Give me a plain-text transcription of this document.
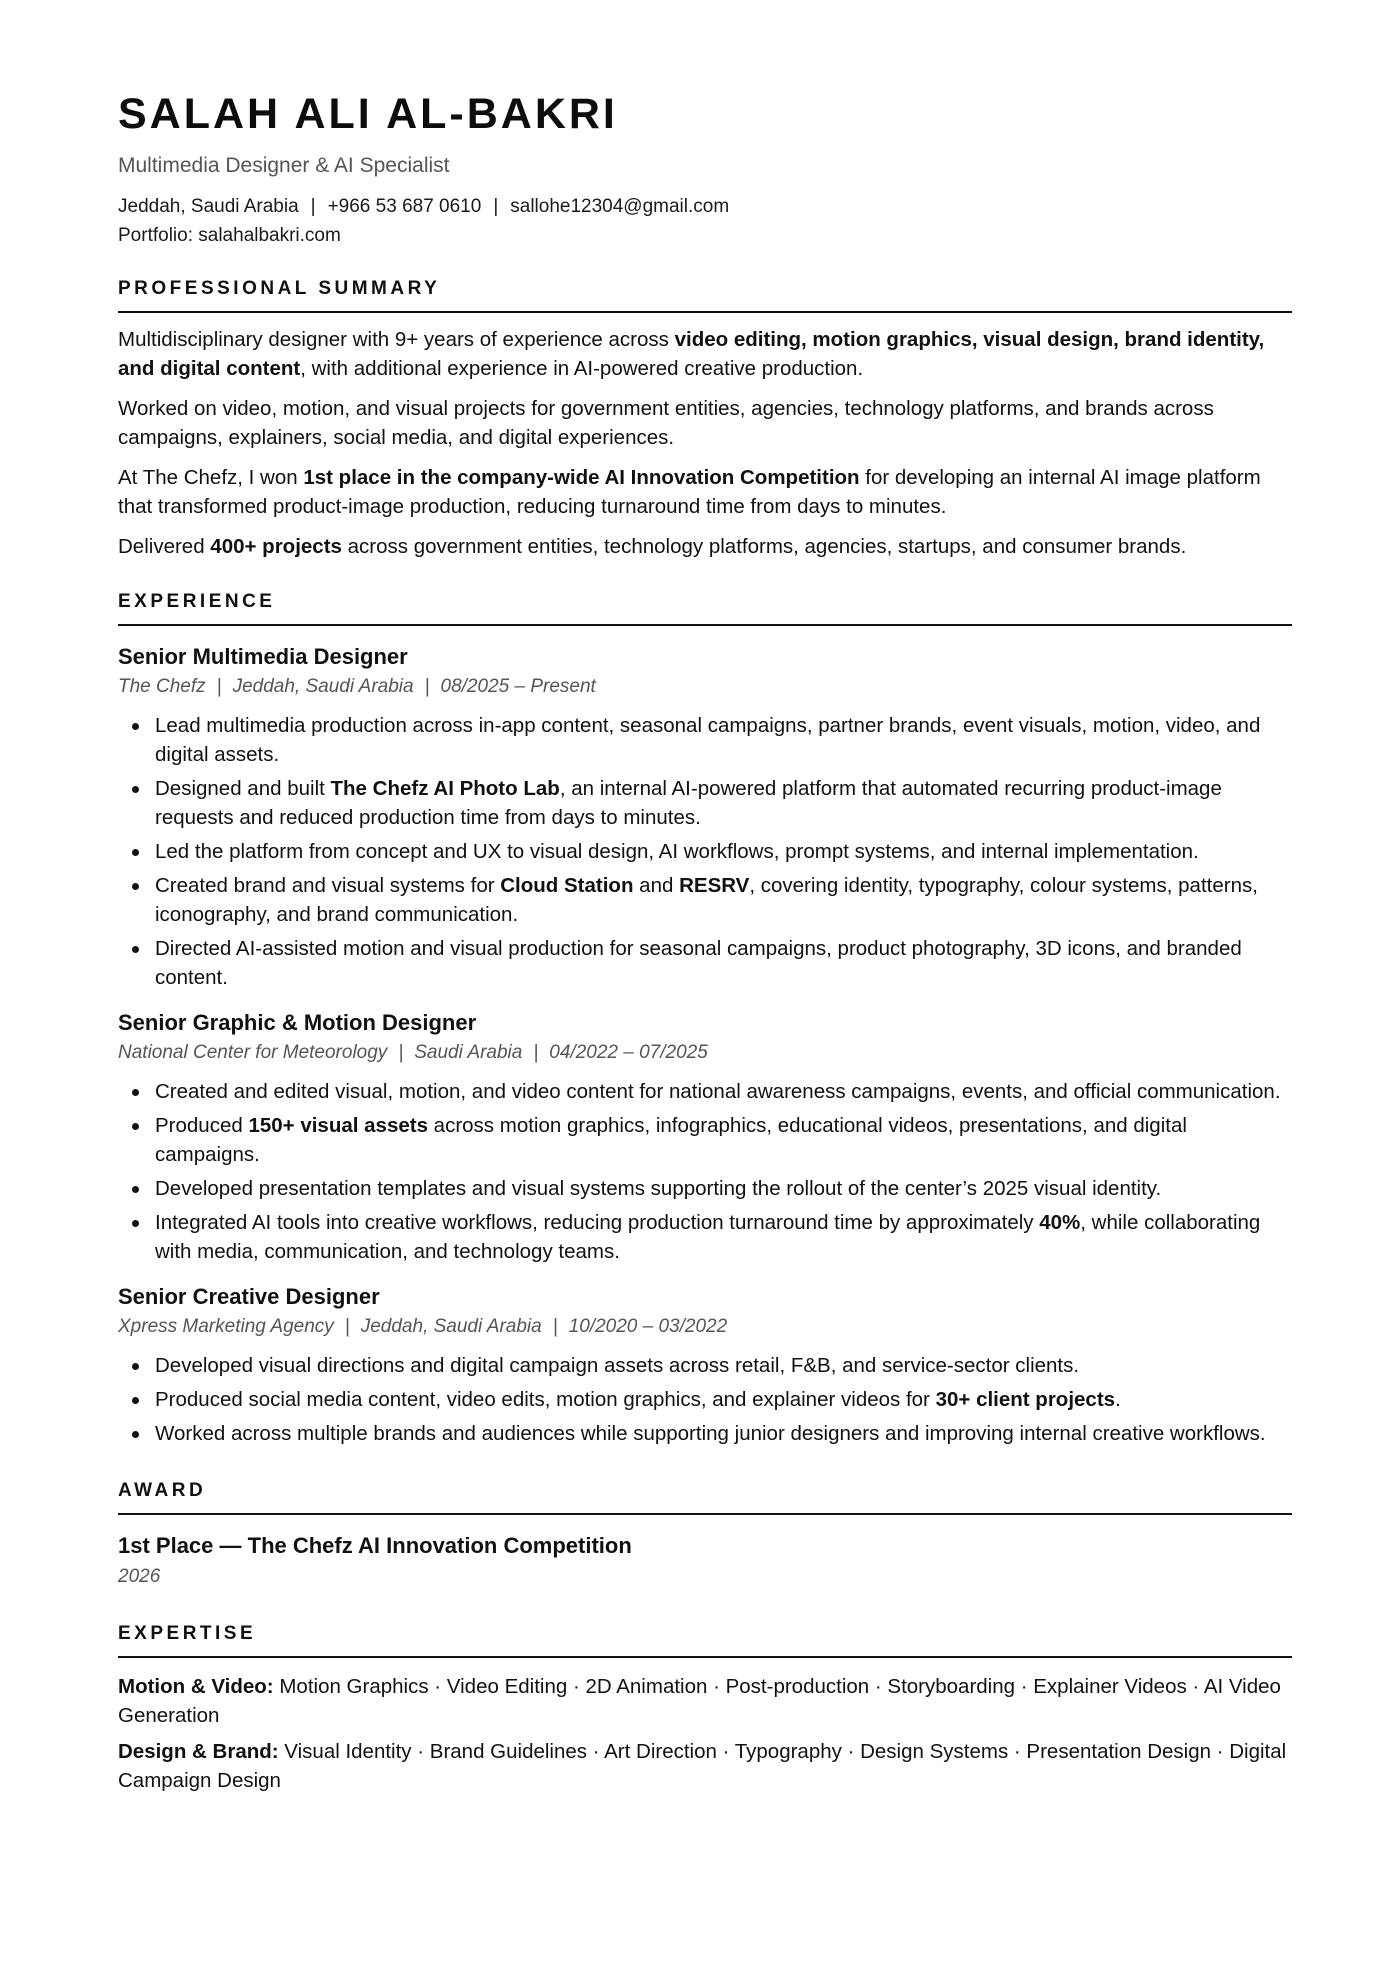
SALAH ALI AL-BAKRI
Multimedia Designer & AI Specialist
Jeddah, Saudi Arabia | +966 53 687 0610 | sallohe12304@gmail.com
Portfolio: salahalbakri.com
PROFESSIONAL SUMMARY

Multidisciplinary designer with 9+ years of experience across video editing, motion graphics, visual design, brand identity, and digital content, with additional experience in AI-powered creative production.

Worked on video, motion, and visual projects for government entities, agencies, technology platforms, and brands across campaigns, explainers, social media, and digital experiences.

At The Chefz, I won 1st place in the company-wide AI Innovation Competition for developing an internal AI image platform that transformed product-image production, reducing turnaround time from days to minutes.

Delivered 400+ projects across government entities, technology platforms, agencies, startups, and consumer brands.

EXPERIENCE
Senior Multimedia Designer
The Chefz | Jeddah, Saudi Arabia | 08/2025 – Present
Lead multimedia production across in-app content, seasonal campaigns, partner brands, event visuals, motion, video, and digital assets.
Designed and built The Chefz AI Photo Lab, an internal AI-powered platform that automated recurring product-image requests and reduced production time from days to minutes.
Led the platform from concept and UX to visual design, AI workflows, prompt systems, and internal implementation.
Created brand and visual systems for Cloud Station and RESRV, covering identity, typography, colour systems, patterns, iconography, and brand communication.
Directed AI-assisted motion and visual production for seasonal campaigns, product photography, 3D icons, and branded content.
Senior Graphic & Motion Designer
National Center for Meteorology | Saudi Arabia | 04/2022 – 07/2025
Created and edited visual, motion, and video content for national awareness campaigns, events, and official communication.
Produced 150+ visual assets across motion graphics, infographics, educational videos, presentations, and digital campaigns.
Developed presentation templates and visual systems supporting the rollout of the center’s 2025 visual identity.
Integrated AI tools into creative workflows, reducing production turnaround time by approximately 40%, while collaborating with media, communication, and technology teams.
Senior Creative Designer
Xpress Marketing Agency | Jeddah, Saudi Arabia | 10/2020 – 03/2022
Developed visual directions and digital campaign assets across retail, F&B, and service-sector clients.
Produced social media content, video edits, motion graphics, and explainer videos for 30+ client projects.
Worked across multiple brands and audiences while supporting junior designers and improving internal creative workflows.
AWARD
1st Place — The Chefz AI Innovation Competition
2026
EXPERTISE

Motion & Video: Motion Graphics · Video Editing · 2D Animation · Post-production · Storyboarding · Explainer Videos · AI Video Generation

Design & Brand: Visual Identity · Brand Guidelines · Art Direction · Typography · Design Systems · Presentation Design · Digital Campaign Design
